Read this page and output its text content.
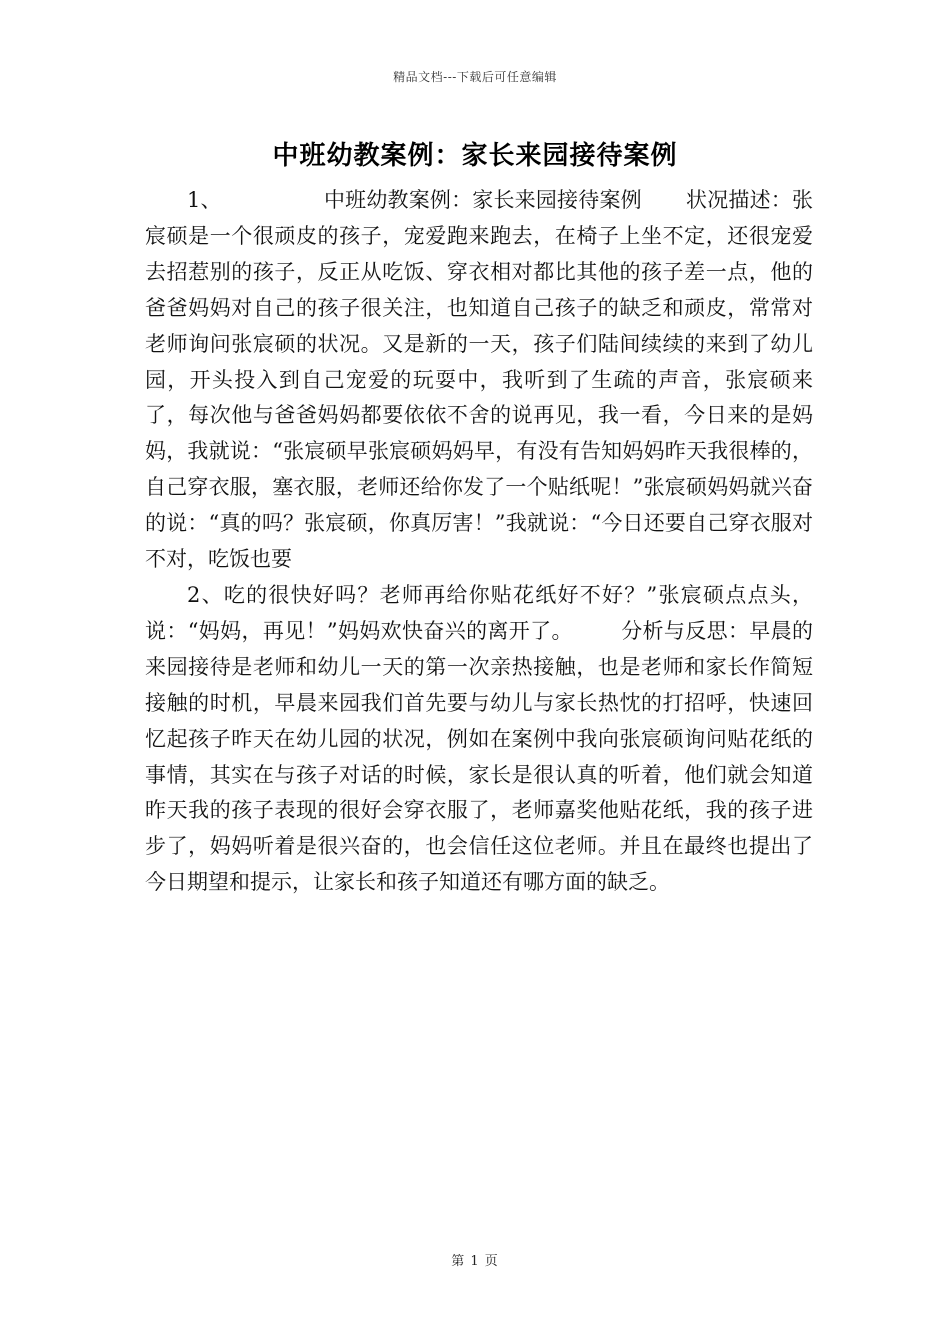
精品文档---下载后可任意编辑
中班幼教案例：家长来园接待案例

1、	中班幼教案例：家长来园接待案例 状况描述：张宸硕是一个很顽皮的孩子，宠爱跑来跑去，在椅子上坐不定，还很宠爱去招惹别的孩子，反正从吃饭、穿衣相对都比其他的孩子差一点，他的爸爸妈妈对自己的孩子很关注，也知道自己孩子的缺乏和顽皮，常常对老师询问张宸硕的状况。又是新的一天，孩子们陆间续续的来到了幼儿园，开头投入到自己宠爱的玩耍中，我听到了生疏的声音，张宸硕来了，每次他与爸爸妈妈都要依依不舍的说再见，我一看，今日来的是妈妈，我就说：“张宸硕早张宸硕妈妈早，有没有告知妈妈昨天我很棒的，自己穿衣服，塞衣服，老师还给你发了一个贴纸呢！”张宸硕妈妈就兴奋的说：“真的吗？张宸硕，你真厉害！”我就说：“今日还要自己穿衣服对不对，吃饭也要

2、吃的很快好吗？老师再给你贴花纸好不好？”张宸硕点点头，说：“妈妈，再见！”妈妈欢快奋兴的离开了。 分析与反思：早晨的来园接待是老师和幼儿一天的第一次亲热接触，也是老师和家长作简短接触的时机，早晨来园我们首先要与幼儿与家长热忱的打招呼，快速回忆起孩子昨天在幼儿园的状况，例如在案例中我向张宸硕询问贴花纸的事情，其实在与孩子对话的时候，家长是很认真的听着，他们就会知道昨天我的孩子表现的很好会穿衣服了，老师嘉奖他贴花纸，我的孩子进步了，妈妈听着是很兴奋的，也会信任这位老师。并且在最终也提出了今日期望和提示，让家长和孩子知道还有哪方面的缺乏。

第 1 页
